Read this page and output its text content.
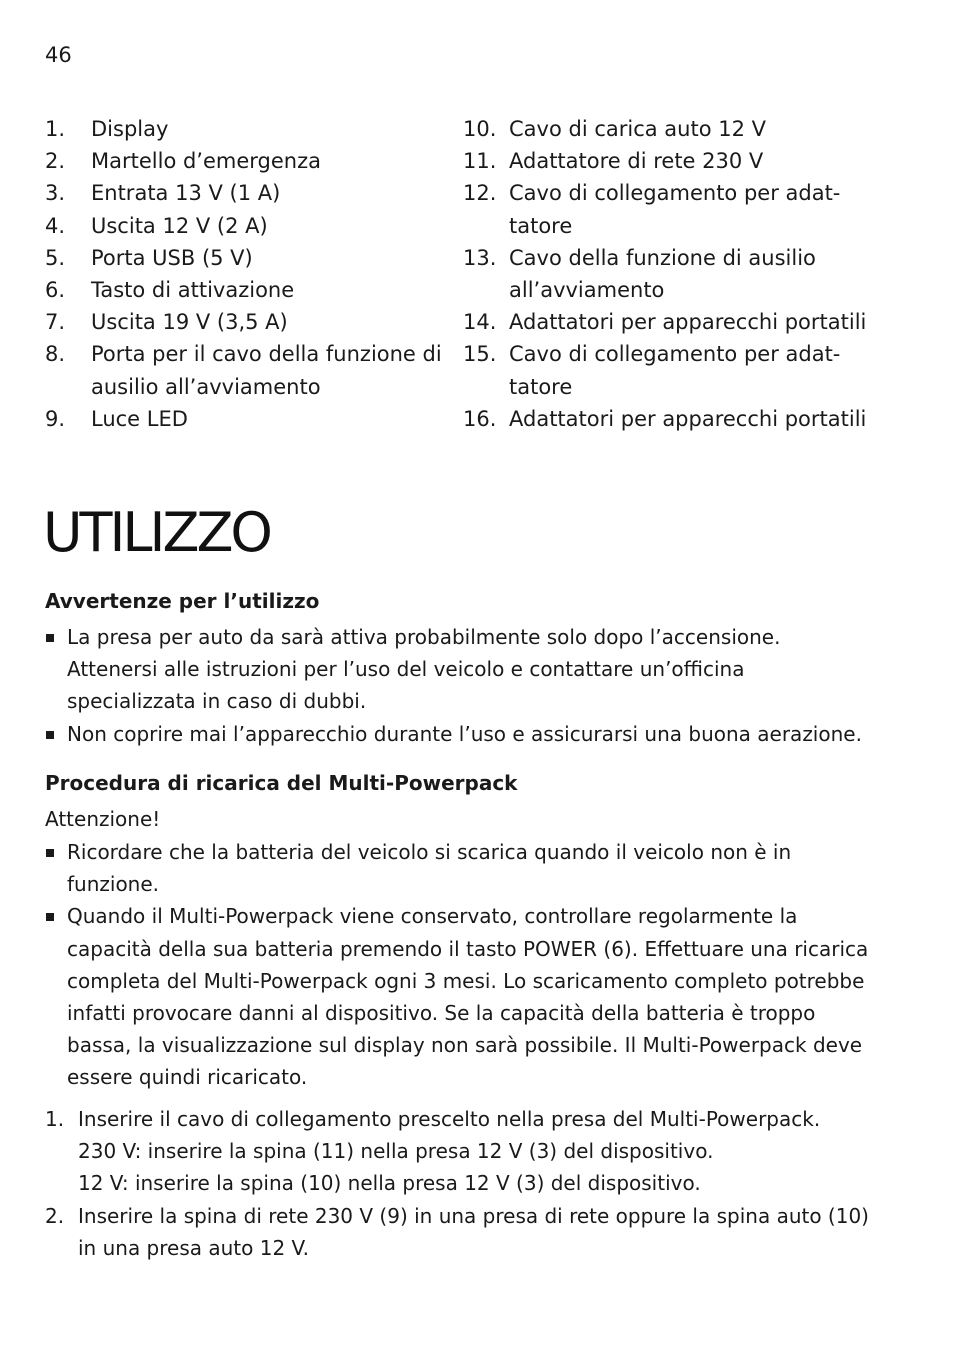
46
1. Display
2. Martello d’emergenza
3. Entrata 13 V (1 A)
4. Uscita 12 V (2 A)
5. Porta USB (5 V)
6. Tasto di attivazione
7. Uscita 19 V (3,5 A)
8. Porta per il cavo della funzione di ausilio all’avviamento
9. Luce LED
10. Cavo di carica auto 12 V
11. Adattatore di rete 230 V
12. Cavo di collegamento per adat-tatore
13. Cavo della funzione di ausilio all’avviamento
14. Adattatori per apparecchi portatili
15. Cavo di collegamento per adat-tatore
16. Adattatori per apparecchi portatili
UTILIZZO
Avvertenze per l’utilizzo
La presa per auto da sarà attiva probabilmente solo dopo l’accensione. Attenersi alle istruzioni per l’uso del veicolo e contattare un’officina specializzata in caso di dubbi.
Non coprire mai l’apparecchio durante l’uso e assicurarsi una buona aerazione.
Procedura di ricarica del Multi-Powerpack

Attenzione!

Ricordare che la batteria del veicolo si scarica quando il veicolo non è in funzione.
Quando il Multi-Powerpack viene conservato, controllare regolarmente la capacità della sua batteria premendo il tasto POWER (6). Effettuare una ricarica completa del Multi-Powerpack ogni 3 mesi. Lo scaricamento completo potrebbe infatti provocare danni al dispositivo. Se la capacità della batteria è troppo bassa, la visualizzazione sul display non sarà possibile. Il Multi-Powerpack deve essere quindi ricaricato.
1. Inserire il cavo di collegamento prescelto nella presa del Multi-Powerpack.
230 V: inserire la spina (11) nella presa 12 V (3) del dispositivo.
12 V: inserire la spina (10) nella presa 12 V (3) del dispositivo.
2. Inserire la spina di rete 230 V (9) in una presa di rete oppure la spina auto (10) in una presa auto 12 V.
